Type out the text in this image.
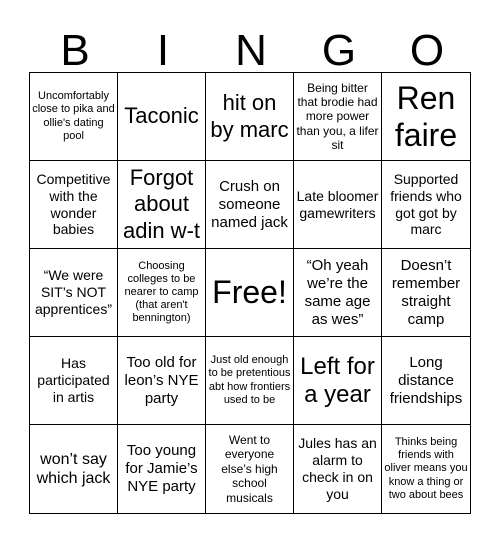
B	I	N	G	O
Uncomfortably close to pika and ollie's dating pool
Taconic
hit on by marc
Being bitter that brodie had more power than you, a lifer sit
Ren faire
Competitive with the wonder babies
Forgot about adin w-t
Crush on someone named jack
Late bloomer gamewriters
Supported friends who got got by marc
“We were SIT’s NOT apprentices”
Choosing colleges to be nearer to camp (that aren't bennington)
Free!
“Oh yeah we’re the same age as wes”
Doesn’t remember straight camp
Has participated in artis
Too old for leon’s NYE party
Just old enough to be pretentious abt how frontiers used to be
Left for a year
Long distance friendships
won’t say which jack
Too young for Jamie’s NYE party
Went to everyone else’s high school musicals
Jules has an alarm to check in on you
Thinks being friends with oliver means you know a thing or two about bees
